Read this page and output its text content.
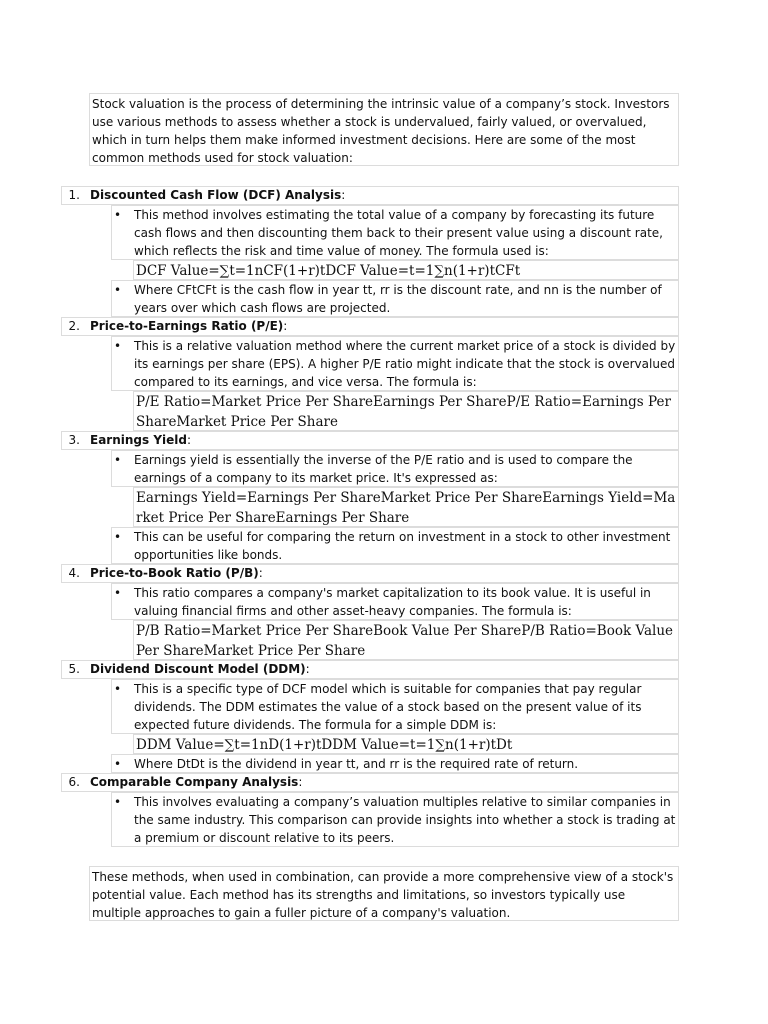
Stock valuation is the process of determining the intrinsic value of a company’s stock. Investors use various methods to assess whether a stock is undervalued, fairly valued, or overvalued, which in turn helps them make informed investment decisions. Here are some of the most common methods used for stock valuation:
1. Discounted Cash Flow (DCF) Analysis:
• This method involves estimating the total value of a company by forecasting its future cash flows and then discounting them back to their present value using a discount rate, which reflects the risk and time value of money. The formula used is:
DCF Value=∑t=1nCF(1+r)tDCF Value=t=1∑n(1+r)tCFt
• Where CFtCFt is the cash flow in year tt, rr is the discount rate, and nn is the number of years over which cash flows are projected.
2. Price-to-Earnings Ratio (P/E):
• This is a relative valuation method where the current market price of a stock is divided by its earnings per share (EPS). A higher P/E ratio might indicate that the stock is overvalued compared to its earnings, and vice versa. The formula is:
P/E Ratio=Market Price Per ShareEarnings Per ShareP/E Ratio=Earnings Per ShareMarket Price Per Share
3. Earnings Yield:
• Earnings yield is essentially the inverse of the P/E ratio and is used to compare the earnings of a company to its market price. It's expressed as:
Earnings Yield=Earnings Per ShareMarket Price Per ShareEarnings Yield=Market Price Per ShareEarnings Per Share
• This can be useful for comparing the return on investment in a stock to other investment opportunities like bonds.
4. Price-to-Book Ratio (P/B):
• This ratio compares a company's market capitalization to its book value. It is useful in valuing financial firms and other asset-heavy companies. The formula is:
P/B Ratio=Market Price Per ShareBook Value Per ShareP/B Ratio=Book Value Per ShareMarket Price Per Share
5. Dividend Discount Model (DDM):
• This is a specific type of DCF model which is suitable for companies that pay regular dividends. The DDM estimates the value of a stock based on the present value of its expected future dividends. The formula for a simple DDM is:
DDM Value=∑t=1nD(1+r)tDDM Value=t=1∑n(1+r)tDt
• Where DtDt is the dividend in year tt, and rr is the required rate of return.
6. Comparable Company Analysis:
• This involves evaluating a company’s valuation multiples relative to similar companies in the same industry. This comparison can provide insights into whether a stock is trading at a premium or discount relative to its peers.
These methods, when used in combination, can provide a more comprehensive view of a stock's potential value. Each method has its strengths and limitations, so investors typically use multiple approaches to gain a fuller picture of a company's valuation.
